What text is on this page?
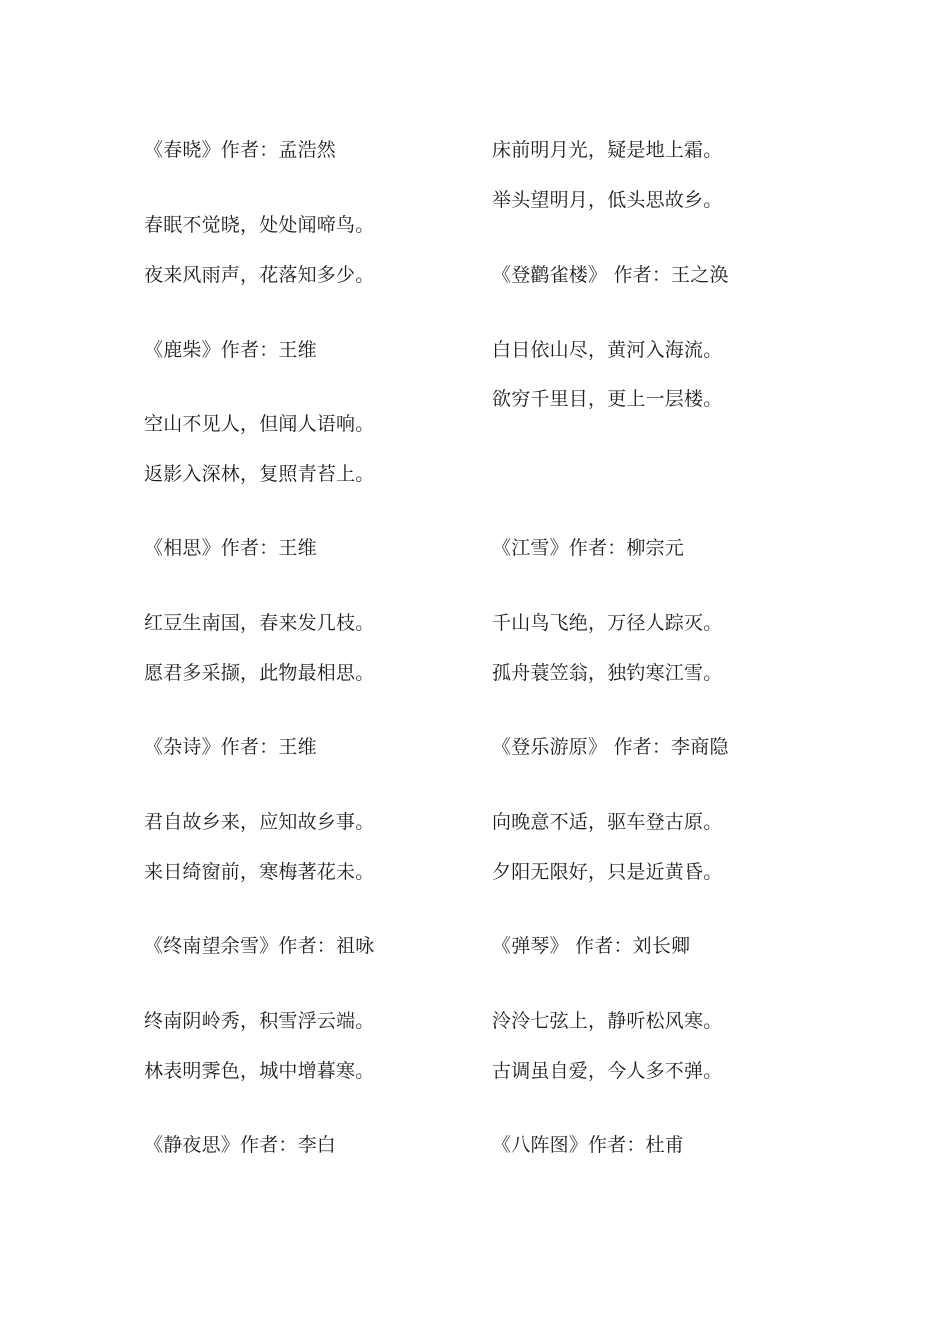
《春晓》作者：孟浩然
春眠不觉晓，处处闻啼鸟。
夜来风雨声，花落知多少。
《鹿柴》作者：王维
空山不见人，但闻人语响。
返影入深林，复照青苔上。
《相思》作者：王维
红豆生南国，春来发几枝。
愿君多采撷，此物最相思。
《杂诗》作者：王维
君自故乡来，应知故乡事。
来日绮窗前，寒梅著花未。
《终南望余雪》作者：祖咏
终南阴岭秀，积雪浮云端。
林表明霁色，城中增暮寒。
《静夜思》作者：李白
床前明月光，疑是地上霜。
举头望明月，低头思故乡。
《登鹳雀楼》 作者：王之涣
白日依山尽，黄河入海流。
欲穷千里目，更上一层楼。
《江雪》作者：柳宗元
千山鸟飞绝，万径人踪灭。
孤舟蓑笠翁，独钓寒江雪。
《登乐游原》 作者：李商隐
向晚意不适，驱车登古原。
夕阳无限好，只是近黄昏。
《弹琴》 作者：刘长卿
泠泠七弦上，静听松风寒。
古调虽自爱，今人多不弹。
《八阵图》作者：杜甫
